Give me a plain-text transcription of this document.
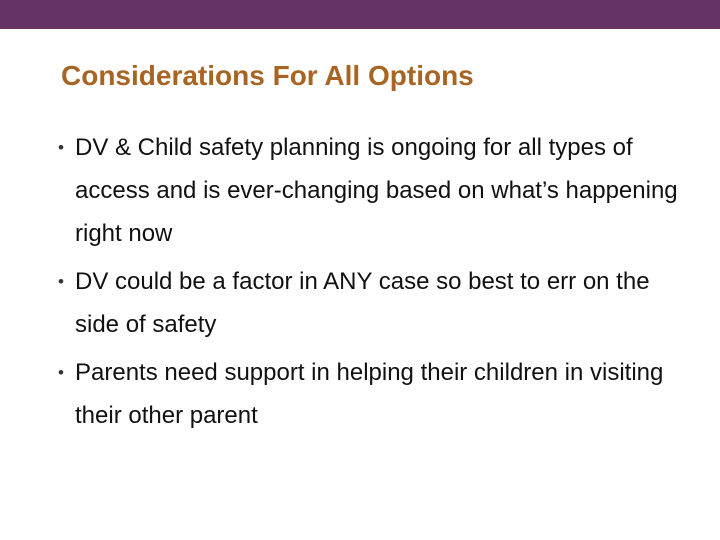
Considerations For All Options
• DV & Child safety planning is ongoing for all types of access and is ever-changing based on what’s happening right now
• DV could be a factor in ANY case so best to err on the side of safety
• Parents need support in helping their children in visiting their other parent
